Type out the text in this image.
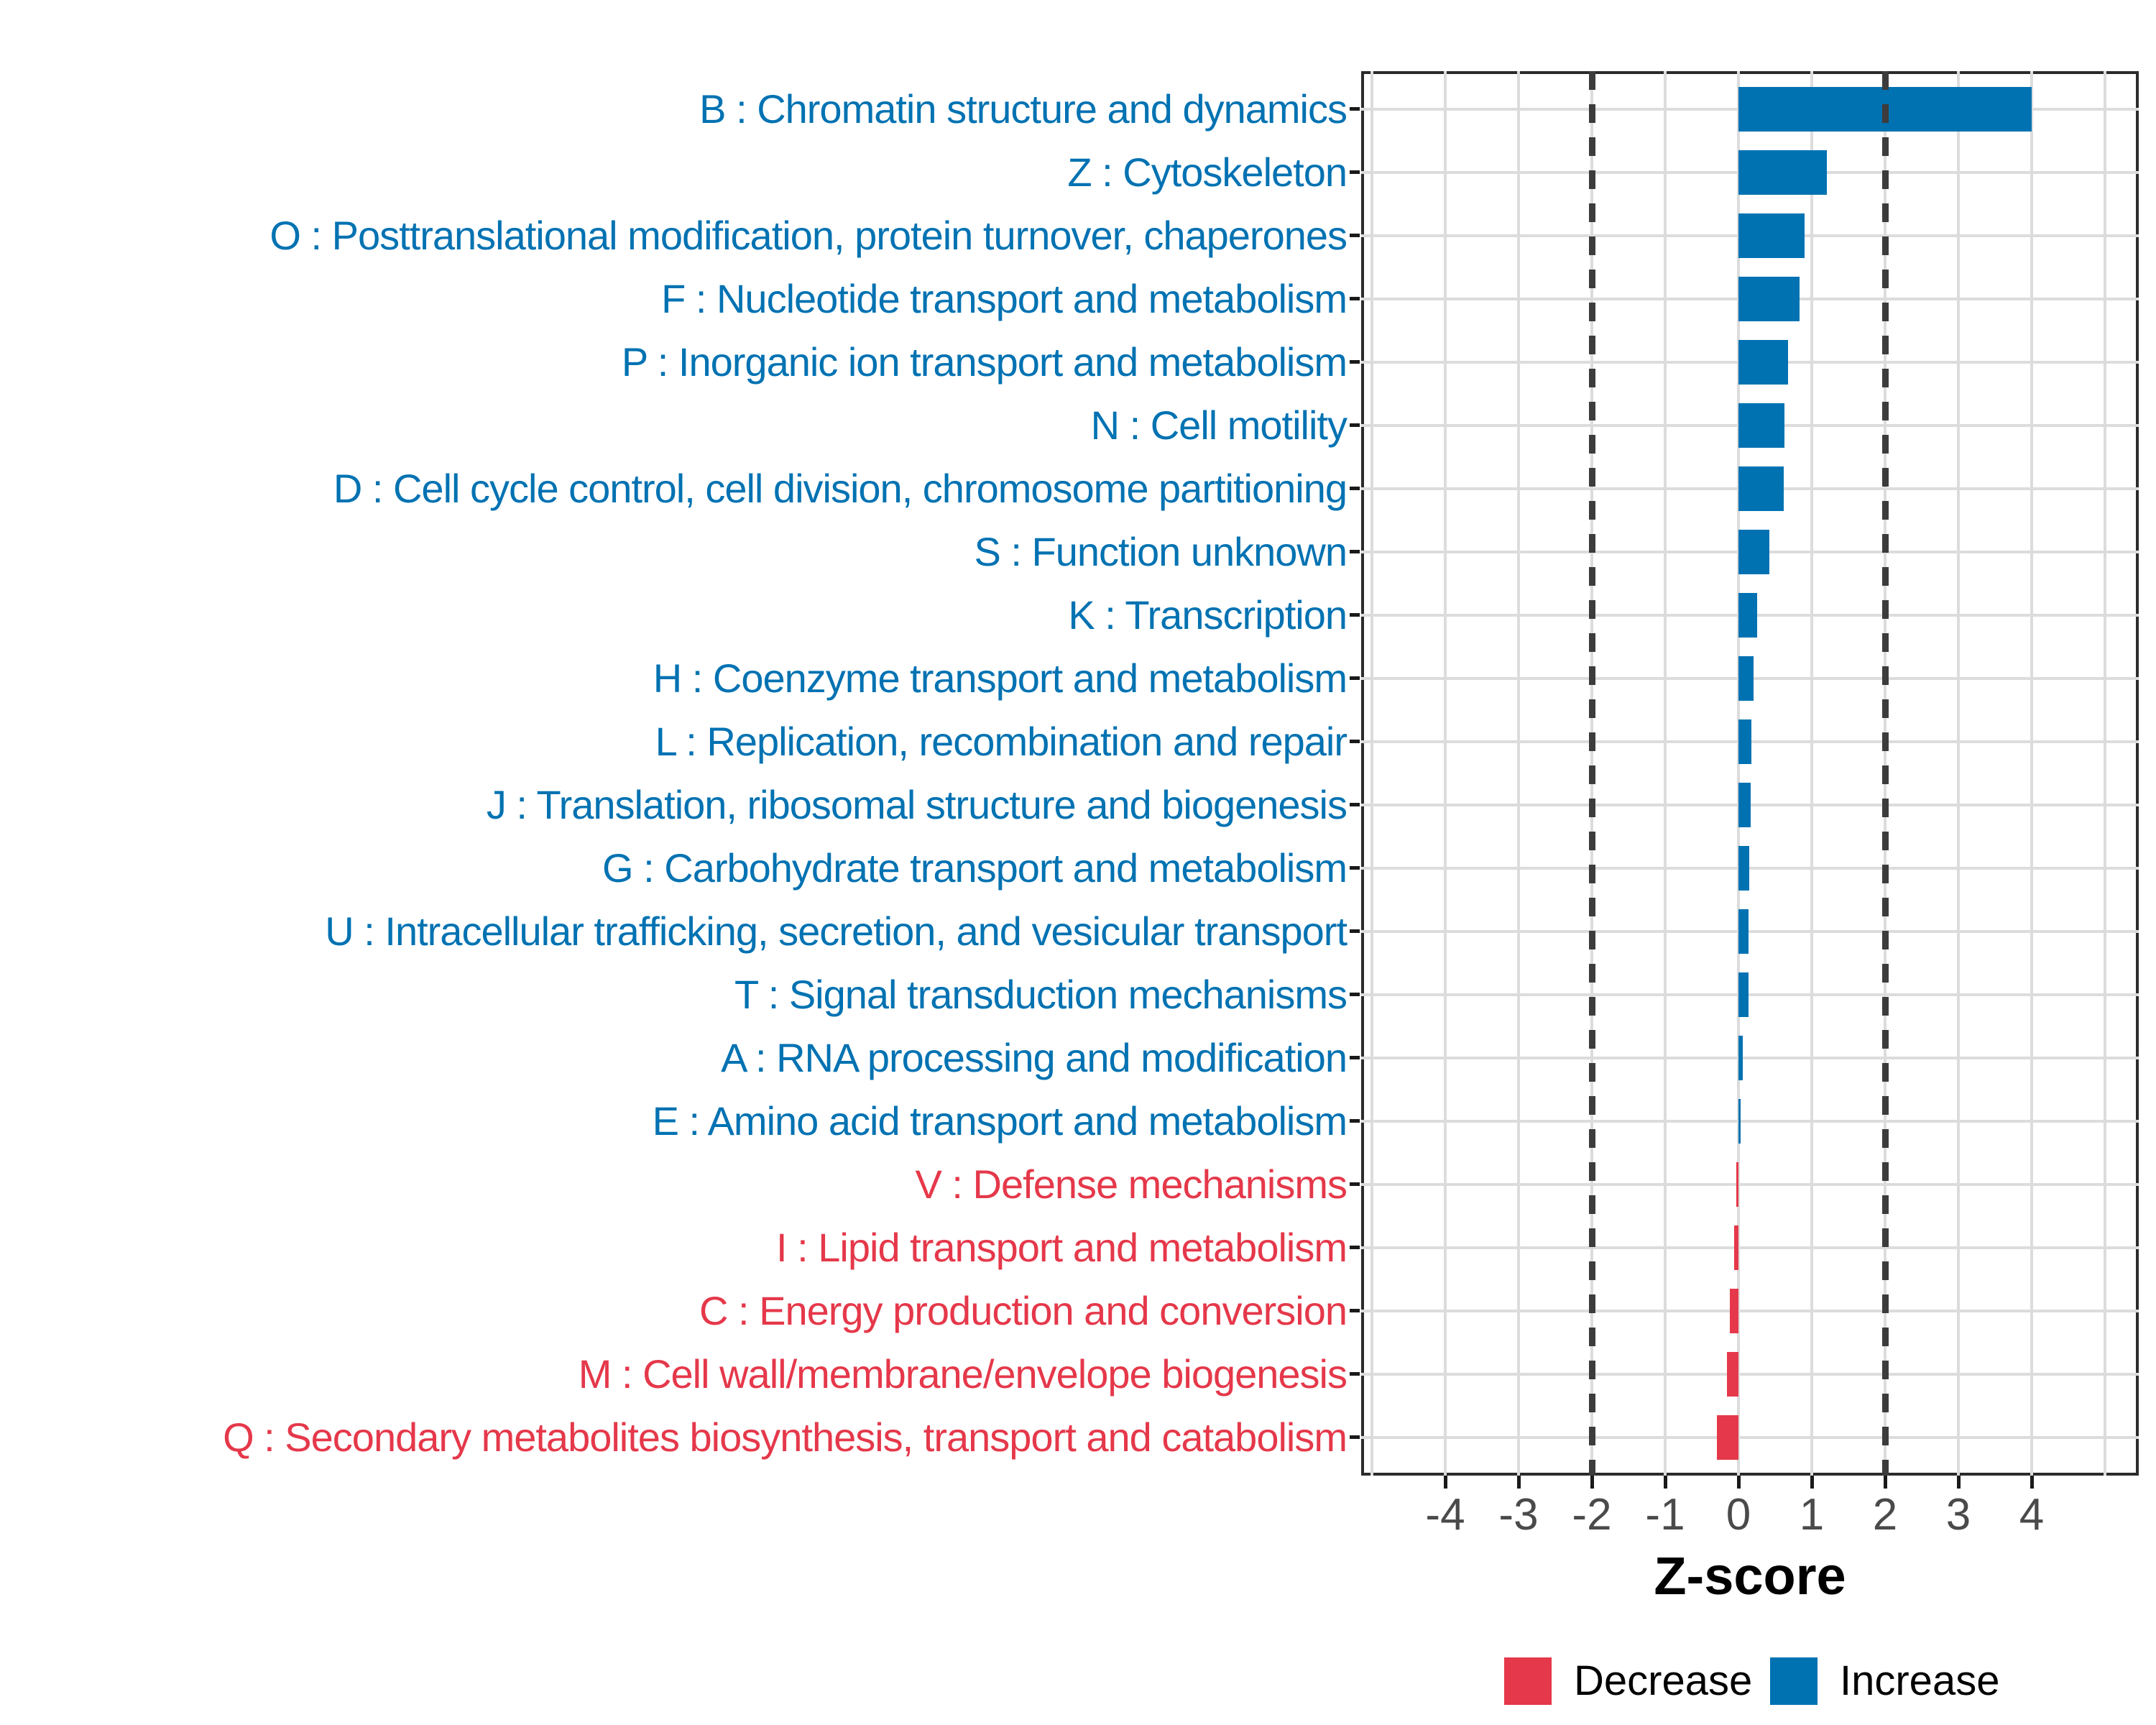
B : Chromatin structure and dynamics
Z : Cytoskeleton
O : Posttranslational modification, protein turnover, chaperones
F : Nucleotide transport and metabolism
P : Inorganic ion transport and metabolism
N : Cell motility
D : Cell cycle control, cell division, chromosome partitioning
S : Function unknown
K : Transcription
H : Coenzyme transport and metabolism
L : Replication, recombination and repair
J : Translation, ribosomal structure and biogenesis
G : Carbohydrate transport and metabolism
U : Intracellular trafficking, secretion, and vesicular transport
T : Signal transduction mechanisms
A : RNA processing and modification
E : Amino acid transport and metabolism
V : Defense mechanisms
I : Lipid transport and metabolism
C : Energy production and conversion
M : Cell wall/membrane/envelope biogenesis
Q : Secondary metabolites biosynthesis, transport and catabolism
-4 -3 -2 -1 0	1	2	3	4
Z-score
Decrease Increase
